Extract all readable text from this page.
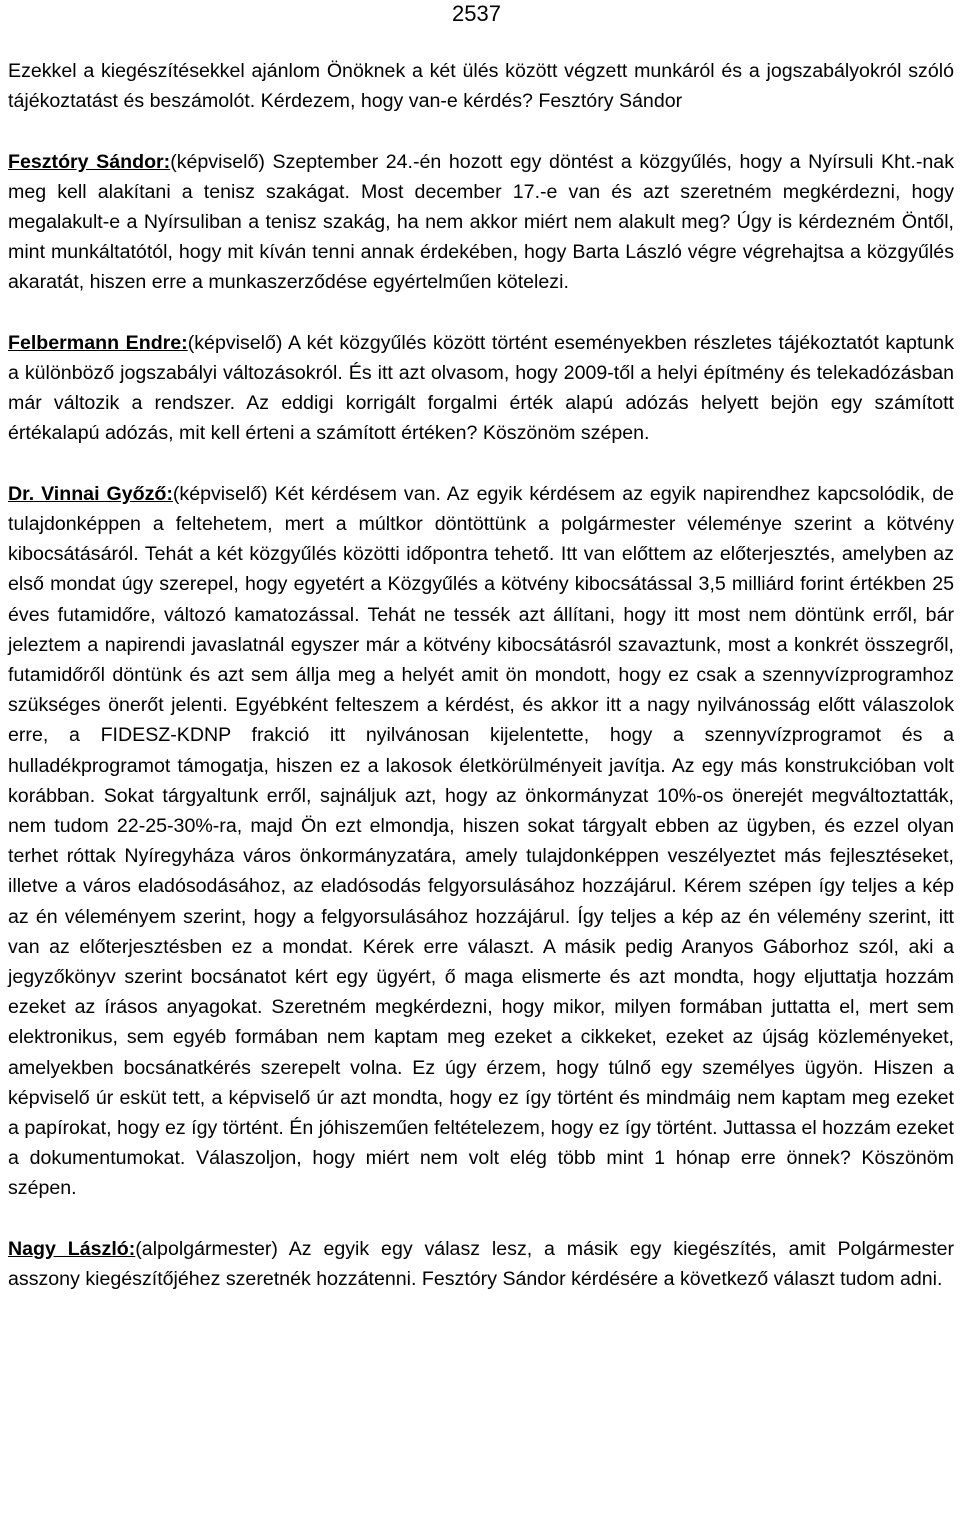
2537

Ezekkel a kiegészítésekkel ajánlom Önöknek a két ülés között végzett munkáról és a jogszabályokról szóló tájékoztatást és beszámolót. Kérdezem, hogy van-e kérdés? Fesztóry Sándor

Fesztóry Sándor:(képviselő) Szeptember 24.-én hozott egy döntést a közgyűlés, hogy a Nyírsuli Kht.-nak meg kell alakítani a tenisz szakágat. Most december 17.-e van és azt szeretném megkérdezni, hogy megalakult-e a Nyírsuliban a tenisz szakág, ha nem akkor miért nem alakult meg? Úgy is kérdezném Öntől, mint munkáltatótól, hogy mit kíván tenni annak érdekében, hogy Barta László végre végrehajtsa a közgyűlés akaratát, hiszen erre a munkaszerződése egyértelműen kötelezi.

Felbermann Endre:(képviselő) A két közgyűlés között történt eseményekben részletes tájékoztatót kaptunk a különböző jogszabályi változásokról. És itt azt olvasom, hogy 2009-től a helyi építmény és telekadózásban már változik a rendszer. Az eddigi korrigált forgalmi érték alapú adózás helyett bejön egy számított értékalapú adózás, mit kell érteni a számított értéken? Köszönöm szépen.

Dr. Vinnai Győző:(képviselő) Két kérdésem van. Az egyik kérdésem az egyik napirendhez kapcsolódik, de tulajdonképpen a feltehetem, mert a múltkor döntöttünk a polgármester véleménye szerint a kötvény kibocsátásáról. Tehát a két közgyűlés közötti időpontra tehető. Itt van előttem az előterjesztés, amelyben az első mondat úgy szerepel, hogy egyetért a Közgyűlés a kötvény kibocsátással 3,5 milliárd forint értékben 25 éves futamidőre, változó kamatozással. Tehát ne tessék azt állítani, hogy itt most nem döntünk erről, bár jeleztem a napirendi javaslatnál egyszer már a kötvény kibocsátásról szavaztunk, most a konkrét összegről, futamidőről döntünk és azt sem állja meg a helyét amit ön mondott, hogy ez csak a szennyvízprogramhoz szükséges önerőt jelenti. Egyébként felteszem a kérdést, és akkor itt a nagy nyilvánosság előtt válaszolok erre, a FIDESZ-KDNP frakció itt nyilvánosan kijelentette, hogy a szennyvízprogramot és a hulladékprogramot támogatja, hiszen ez a lakosok életkörülményeit javítja. Az egy más konstrukcióban volt korábban. Sokat tárgyaltunk erről, sajnáljuk azt, hogy az önkormányzat 10%-os önerejét megváltoztatták, nem tudom 22-25-30%-ra, majd Ön ezt elmondja, hiszen sokat tárgyalt ebben az ügyben, és ezzel olyan terhet róttak Nyíregyháza város önkormányzatára, amely tulajdonképpen veszélyeztet más fejlesztéseket, illetve a város eladósodásához, az eladósodás felgyorsulásához hozzájárul. Kérem szépen így teljes a kép az én véleményem szerint, hogy a felgyorsulásához hozzájárul. Így teljes a kép az én vélemény szerint, itt van az előterjesztésben ez a mondat. Kérek erre választ. A másik pedig Aranyos Gáborhoz szól, aki a jegyzőkönyv szerint bocsánatot kért egy ügyért, ő maga elismerte és azt mondta, hogy eljuttatja hozzám ezeket az írásos anyagokat. Szeretném megkérdezni, hogy mikor, milyen formában juttatta el, mert sem elektronikus, sem egyéb formában nem kaptam meg ezeket a cikkeket, ezeket az újság közleményeket, amelyekben bocsánatkérés szerepelt volna. Ez úgy érzem, hogy túlnő egy személyes ügyön. Hiszen a képviselő úr esküt tett, a képviselő úr azt mondta, hogy ez így történt és mindmáig nem kaptam meg ezeket a papírokat, hogy ez így történt. Én jóhiszeműen feltételezem, hogy ez így történt. Juttassa el hozzám ezeket a dokumentumokat. Válaszoljon, hogy miért nem volt elég több mint 1 hónap erre önnek? Köszönöm szépen.

Nagy László:(alpolgármester) Az egyik egy válasz lesz, a másik egy kiegészítés, amit Polgármester asszony kiegészítőjéhez szeretnék hozzátenni. Fesztóry Sándor kérdésére a következő választ tudom adni.
